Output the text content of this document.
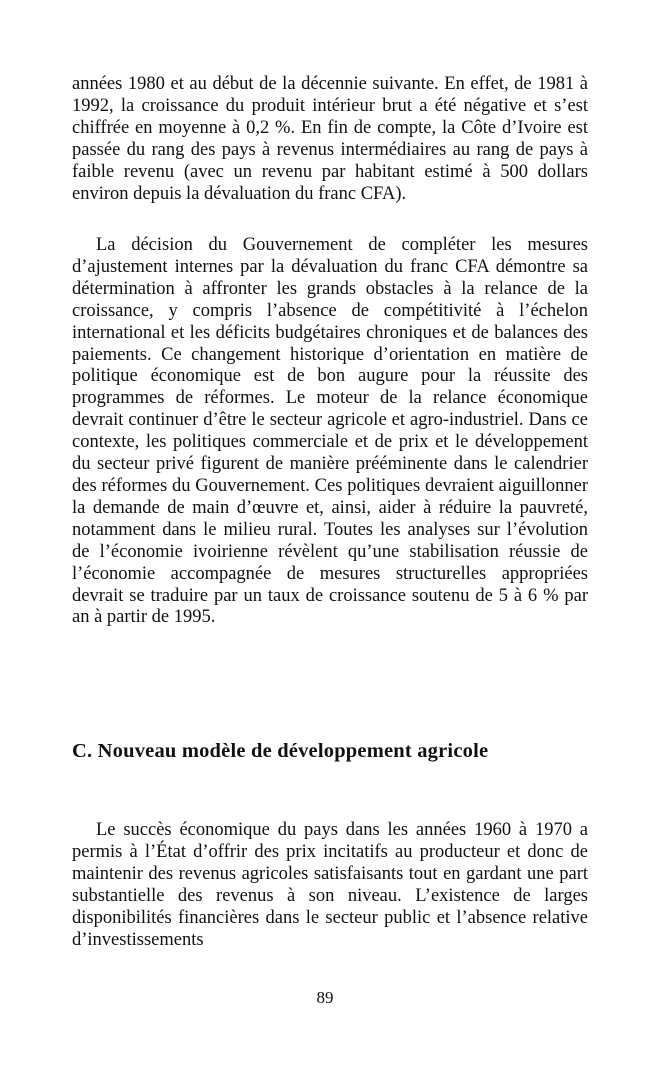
années 1980 et au début de la décennie suivante. En effet, de 1981 à 1992, la croissance du produit intérieur brut a été négative et s’est chiffrée en moyenne à 0,2 %. En fin de compte, la Côte d’Ivoire est passée du rang des pays à revenus intermédiaires au rang de pays à faible revenu (avec un revenu par habitant estimé à 500 dollars environ depuis la dévaluation du franc CFA).

La décision du Gouvernement de compléter les mesures d’ajustement internes par la dévaluation du franc CFA démontre sa détermination à affronter les grands obstacles à la relance de la croissance, y compris l’absence de compétitivité à l’échelon international et les déficits budgétaires chroniques et de balances des paiements. Ce changement historique d’orientation en matière de politique économique est de bon augure pour la réussite des programmes de réformes. Le moteur de la relance économique devrait continuer d’être le secteur agricole et agro-industriel. Dans ce contexte, les politiques commerciale et de prix et le développement du secteur privé figurent de manière prééminente dans le calendrier des réformes du Gouvernement. Ces politiques devraient aiguillonner la demande de main d’œuvre et, ainsi, aider à réduire la pauvreté, notamment dans le milieu rural. Toutes les analyses sur l’évolution de l’économie ivoirienne révèlent qu’une stabilisation réussie de l’économie accompagnée de mesures structurelles appropriées devrait se traduire par un taux de croissance soutenu de 5 à 6 % par an à partir de 1995.

C. Nouveau modèle de développement agricole

Le succès économique du pays dans les années 1960 à 1970 a permis à l’État d’offrir des prix incitatifs au producteur et donc de maintenir des revenus agricoles satisfaisants tout en gardant une part substantielle des revenus à son niveau. L’existence de larges disponibilités financières dans le secteur public et l’absence relative d’investissements

89
